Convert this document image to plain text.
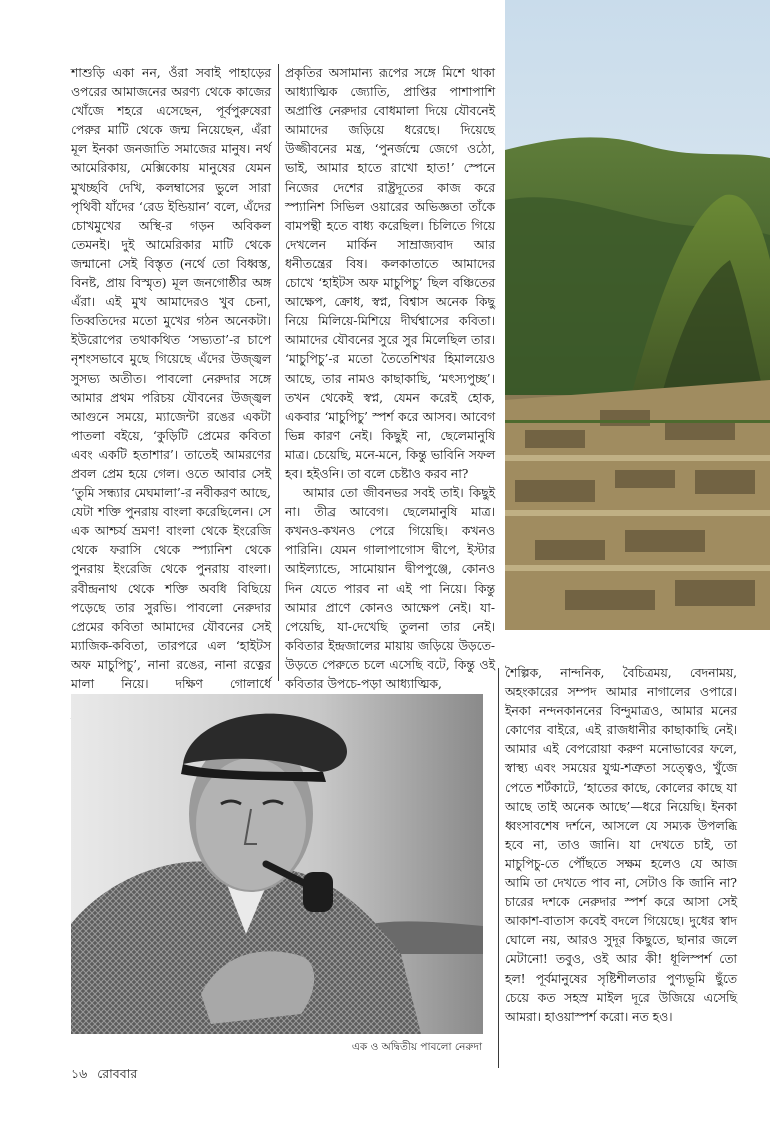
শাশুড়ি একা নন, ওঁরা সবাই পাহাড়ের ওপরের আমাজনের অরণ্য থেকে কাজের খোঁজে শহরে এসেছেন, পূর্বপুরুষেরা পেরুর মাটি থেকে জন্ম নিয়েছেন, এঁরা মূল ইনকা জনজাতি সমাজের মানুষ। নর্থ আমেরিকায়, মেক্সিকোয় মানুষের যেমন মুখচ্ছবি দেখি, কলম্বাসের ভুলে সারা পৃথিবী যাঁদের ‘রেড ইন্ডিয়ান’ বলে, এঁদের চোখমুখের অস্থি-র গড়ন অবিকল তেমনই। দুই আমেরিকার মাটি থেকে জন্মানো সেই বিস্তৃত (নর্থে তো বিধ্বস্ত, বিনষ্ট, প্রায় বিস্মৃত) মূল জনগোষ্ঠীর অঙ্গ এঁরা। এই মুখ আমাদেরও খুব চেনা, তিব্বতিদের মতো মুখের গঠন অনেকটা। ইউরোপের তথাকথিত ‘সভ্যতা’-র চাপে নৃশংসভাবে মুছে গিয়েছে এঁদের উজ্জ্বল সুসভ্য অতীত। পাবলো নেরুদার সঙ্গে আমার প্রথম পরিচয় যৌবনের উজ্জ্বল আগুনে সময়ে, ম্যাজেন্টা রঙের একটা পাতলা বইয়ে, ‘কুড়িটি প্রেমের কবিতা এবং একটি হতাশার’। তাতেই আমরণের প্রবল প্রেম হয়ে গেল। ওতে আবার সেই ‘তুমি সন্ধ্যার মেঘমালা’-র নবীকরণ আছে, যেটা শক্তি পুনরায় বাংলা করেছিলেন। সে এক আশ্চর্য ভ্রমণ! বাংলা থেকে ইংরেজি থেকে ফরাসি থেকে স্প্যানিশ থেকে পুনরায় ইংরেজি থেকে পুনরায় বাংলা। রবীন্দ্রনাথ থেকে শক্তি অবধি বিছিয়ে পড়েছে তার সুরভি। পাবলো নেরুদার প্রেমের কবিতা আমাদের যৌবনের সেই ম্যাজিক-কবিতা, তারপরে এল ‘হাইটস অফ মাচুপিচু’, নানা রঙের, নানা রত্নের মালা নিয়ে। দক্ষিণ গোলার্ধে

প্রকৃতির অসামান্য রূপের সঙ্গে মিশে থাকা আধ্যাত্মিক জ্যোতি, প্রাপ্তির পাশাপাশি অপ্রাপ্তি নেরুদার বোধমালা দিয়ে যৌবনেই আমাদের জড়িয়ে ধরেছে। দিয়েছে উজ্জীবনের মন্ত্র, ‘পুনর্জন্মে জেগে ওঠো, ভাই, আমার হাতে রাখো হাত!’ স্পেনে নিজের দেশের রাষ্ট্রদূতের কাজ করে স্প্যানিশ সিভিল ওয়ারের অভিজ্ঞতা তাঁকে বামপন্থী হতে বাধ্য করেছিল। চিলিতে গিয়ে দেখলেন মার্কিন সাম্রাজ্যবাদ আর ধনীতন্ত্রের বিষ। কলকাতাতে আমাদের চোখে ‘হাইটস অফ মাচুপিচু’ ছিল বঞ্চিতের আক্ষেপ, ক্রোধ, স্বপ্ন, বিশ্বাস অনেক কিছু নিয়ে মিলিয়ে-মিশিয়ে দীর্ঘশ্বাসের কবিতা। আমাদের যৌবনের সুরে সুর মিলেছিল তার। ‘মাচুপিচু’-র মতো তৈতেশিখর হিমালয়েও আছে, তার নামও কাছাকাছি, ‘মৎস্যপুচ্ছ’। তখন থেকেই স্বপ্ন, যেমন করেই হোক, একবার ‘মাচুপিচু’ স্পর্শ করে আসব। আবেগ ভিন্ন কারণ নেই। কিছুই না, ছেলেমানুষি মাত্র। চেয়েছি, মনে-মনে, কিন্তু ভাবিনি সফল হব। হইওনি। তা বলে চেষ্টাও করব না?

আমার তো জীবনভর সবই তাই। কিছুই না। তীব্র আবেগ। ছেলেমানুষি মাত্র। কখনও-কখনও পেরে গিয়েছি। কখনও পারিনি। যেমন গালাপাগোস দ্বীপে, ইস্টার আইল্যান্ডে, সামোয়ান দ্বীপপুঞ্জে, কোনও দিন যেতে পারব না এই পা নিয়ে। কিন্তু আমার প্রাণে কোনও আক্ষেপ নেই। যা-পেয়েছি, যা-দেখেছি তুলনা তার নেই। কবিতার ইন্দ্রজালের মায়ায় জড়িয়ে উড়তে-উড়তে পেরুতে চলে এসেছি বটে, কিন্তু ওই কবিতার উপচে-পড়া আধ্যাত্মিক,

এক ও অদ্বিতীয় পাবলো নেরুদা

শৈল্পিক, নান্দনিক, বৈচিত্রময়, বেদনাময়, অহংকারের সম্পদ আমার নাগালের ওপারে। ইনকা নন্দনকাননের বিন্দুমাত্রও, আমার মনের কোণের বাইরে, এই রাজধানীর কাছাকাছি নেই। আমার এই বেপরোয়া করুণ মনোভাবের ফলে, স্বাস্থ্য এবং সময়ের যুগ্ম-শত্রুতা সত্ত্বেও, খুঁজে পেতে শর্টকাটে, ‘হাতের কাছে, কোলের কাছে যা আছে তাই অনেক আছে’—ধরে নিয়েছি। ইনকা ধ্বংসাবশেষ দর্শনে, আসলে যে সম্যক উপলব্ধি হবে না, তাও জানি। যা দেখতে চাই, তা মাচুপিচু-তে পৌঁছতে সক্ষম হলেও যে আজ আমি তা দেখতে পাব না, সেটাও কি জানি না? চারের দশকে নেরুদার স্পর্শ করে আসা সেই আকাশ-বাতাস কবেই বদলে গিয়েছে। দুধের স্বাদ ঘোলে নয়, আরও সুদূর কিছুতে, ছানার জলে মেটানো! তবুও, ওই আর কী! ধূলিস্পর্শ তো হল! পূর্বমানুষের সৃষ্টিশীলতার পুণ্যভূমি ছুঁতে চেয়ে কত সহস্র মাইল দূরে উজিয়ে এসেছি আমরা। হাওয়াস্পর্শ করো। নত হও।

১৬ রোববার
